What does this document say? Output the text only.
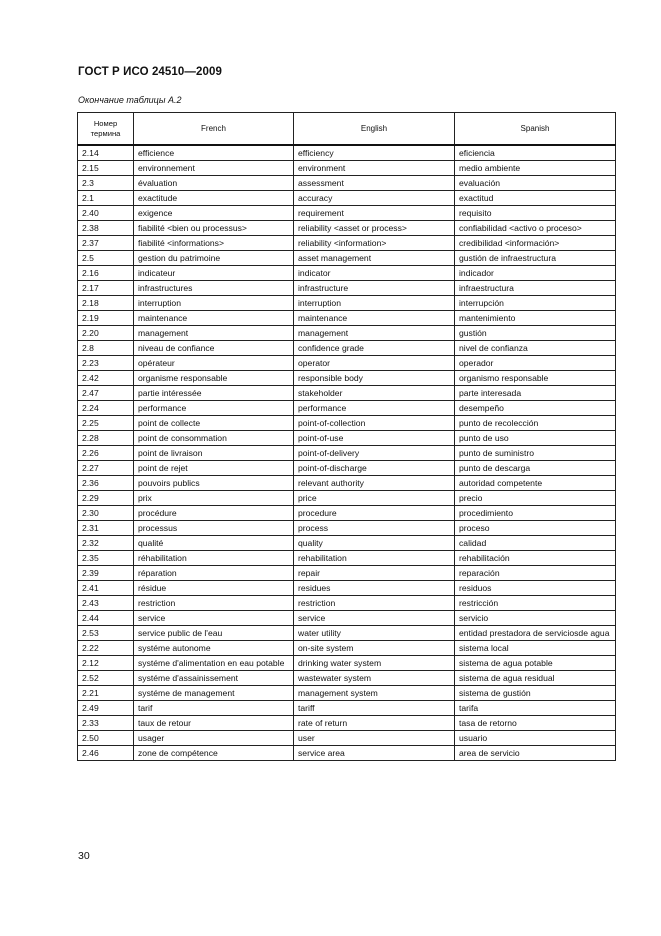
ГОСТ Р ИСО 24510—2009
Окончание таблицы А.2
Номер термина	French	English	Spanish
2.14	efficience	efficiency	eficiencia
2.15	environnement	environment	medio ambiente
2.3	évaluation	assessment	evaluación
2.1	exactitude	accuracy	exactitud
2.40	exigence	requirement	requisito
2.38	fiabilité <bien ou processus>	reliability <asset or process>	confiabilidad <activo o proceso>
2.37	fiabilité <informations>	reliability <information>	credibilidad <información>
2.5	gestion du patrimoine	asset management	gustión de infraestructura
2.16	indicateur	indicator	indicador
2.17	infrastructures	infrastructure	infraestructura
2.18	interruption	interruption	interrupción
2.19	maintenance	maintenance	mantenimiento
2.20	management	management	gustión
2.8	niveau de confiance	confidence grade	nivel de confianza
2.23	opérateur	operator	operador
2.42	organisme responsable	responsible body	organismo responsable
2.47	partie intéressée	stakeholder	parte interesada
2.24	performance	performance	desempeño
2.25	point de collecte	point-of-collection	punto de recolección
2.28	point de consommation	point-of-use	punto de uso
2.26	point de livraison	point-of-delivery	punto de suministro
2.27	point de rejet	point-of-discharge	punto de descarga
2.36	pouvoirs publics	relevant authority	autoridad competente
2.29	prix	price	precio
2.30	procédure	procedure	procedimiento
2.31	processus	process	proceso
2.32	qualité	quality	calidad
2.35	réhabilitation	rehabilitation	rehabilitación
2.39	réparation	repair	reparación
2.41	résidue	residues	residuos
2.43	restriction	restriction	restricción
2.44	service	service	servicio
2.53	service public de l'eau	water utility	entidad prestadora de serviciosde agua
2.22	systéme autonome	on-site system	sistema local
2.12	systéme d'alimentation en eau potable	drinking water system	sistema de agua potable
2.52	systéme d'assainissement	wastewater system	sistema de agua residual
2.21	systéme de management	management system	sistema de gustión
2.49	tarif	tariff	tarifa
2.33	taux de retour	rate of return	tasa de retorno
2.50	usager	user	usuario
2.46	zone de compétence	service area	area de servicio
30
